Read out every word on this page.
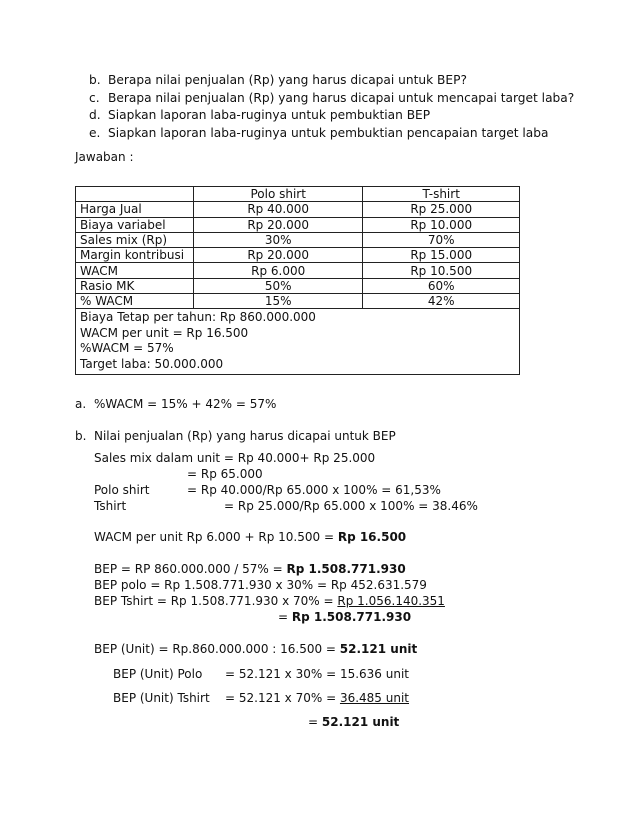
b. Berapa nilai penjualan (Rp) yang harus dicapai untuk BEP?
c. Berapa nilai penjualan (Rp) yang harus dicapai untuk mencapai target laba?
d. Siapkan laporan laba-ruginya untuk pembuktian BEP
e. Siapkan laporan laba-ruginya untuk pembuktian pencapaian target laba
Jawaban :
	Polo shirt	T-shirt
Harga Jual	Rp 40.000	Rp 25.000
Biaya variabel	Rp 20.000	Rp 10.000
Sales mix (Rp)	30%	70%
Margin kontribusi	Rp 20.000	Rp 15.000
WACM	Rp 6.000	Rp 10.500
Rasio MK	50%	60%
% WACM	15%	42%

Biaya Tetap per tahun: Rp 860.000.000
WACM per unit = Rp 16.500
%WACM = 57%
Target laba: 50.000.000		
a. %WACM = 15% + 42% = 57%
b. Nilai penjualan (Rp) yang harus dicapai untuk BEP
Sales mix dalam unit = Rp 40.000+ Rp 25.000
= Rp 65.000
Polo shirt	= Rp 40.000/Rp 65.000 x 100% = 61,53%
Tshirt	= Rp 25.000/Rp 65.000 x 100% = 38.46%
WACM per unit Rp 6.000 + Rp 10.500 = Rp 16.500
BEP = RP 860.000.000 / 57% = Rp 1.508.771.930
BEP polo = Rp 1.508.771.930 x 30% = Rp 452.631.579
BEP Tshirt = Rp 1.508.771.930 x 70% = Rp 1.056.140.351
= Rp 1.508.771.930
BEP (Unit) = Rp.860.000.000 : 16.500 = 52.121 unit
BEP (Unit) Polo = 52.121 x 30% = 15.636 unit
BEP (Unit) Tshirt = 52.121 x 70% = 36.485 unit
= 52.121 unit
